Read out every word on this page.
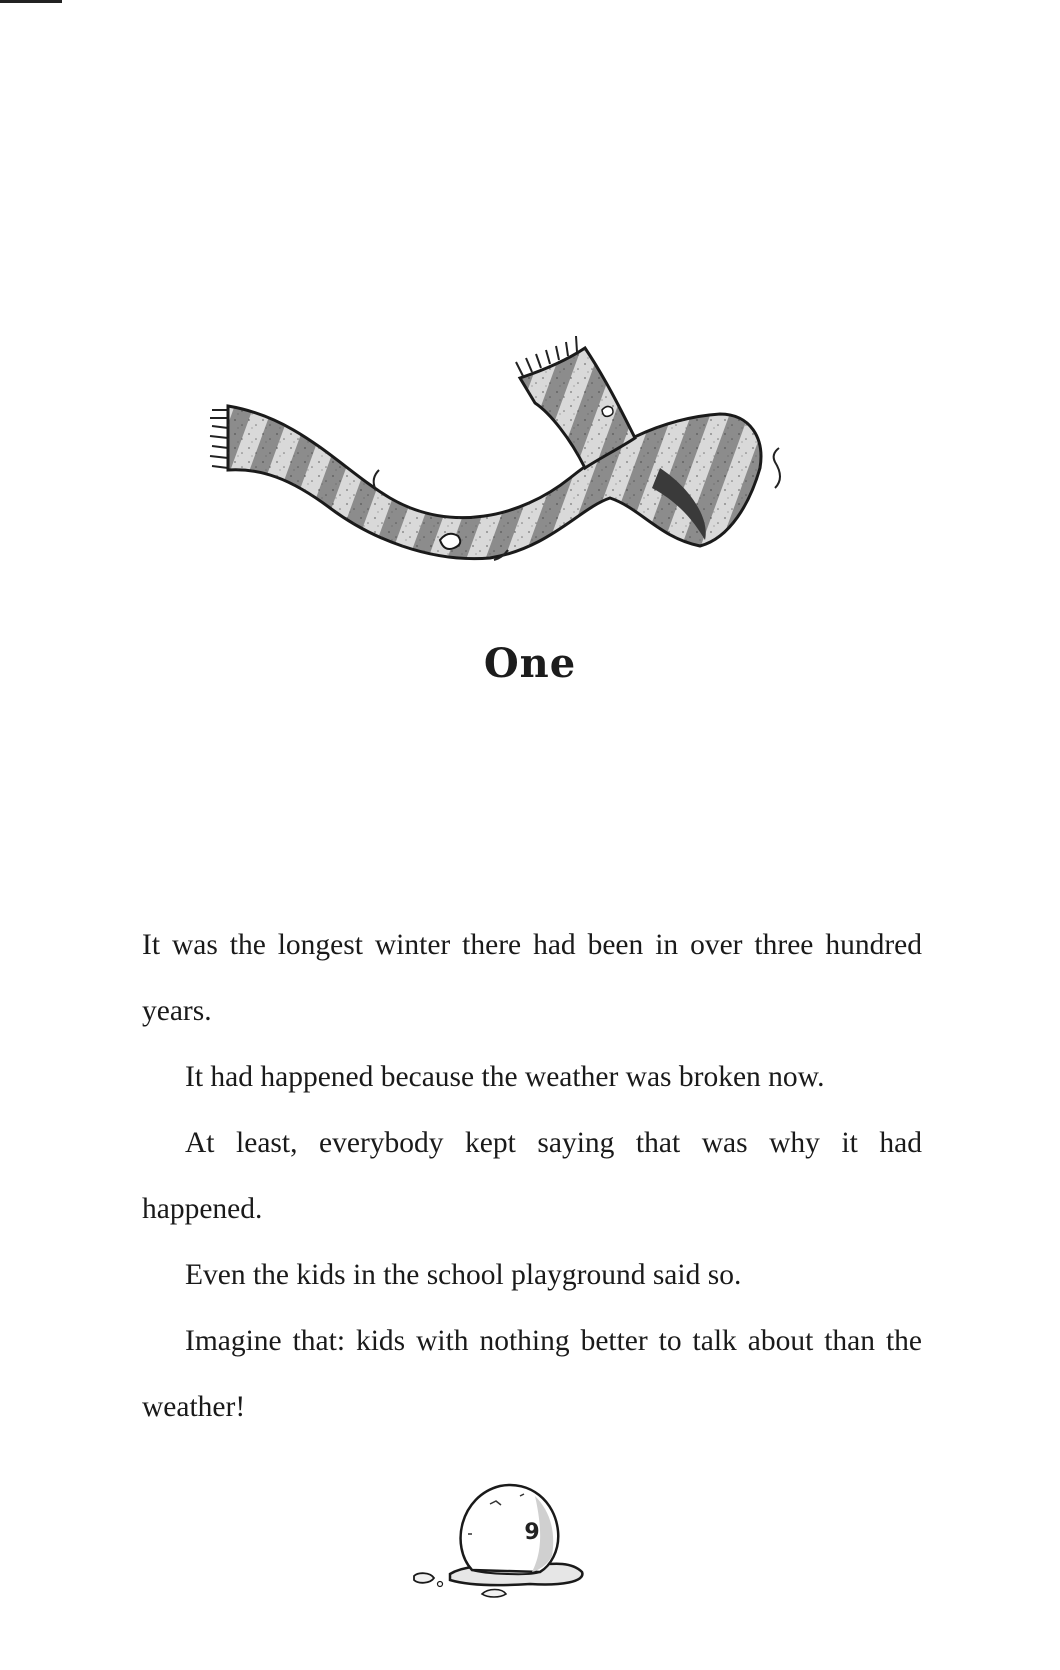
One

It was the longest winter there had been in over three hundred years.

It had happened because the weather was broken now.

At least, everybody kept saying that was why it had happened.

Even the kids in the school playground said so.

Imagine that: kids with nothing better to talk about than the weather!

9
